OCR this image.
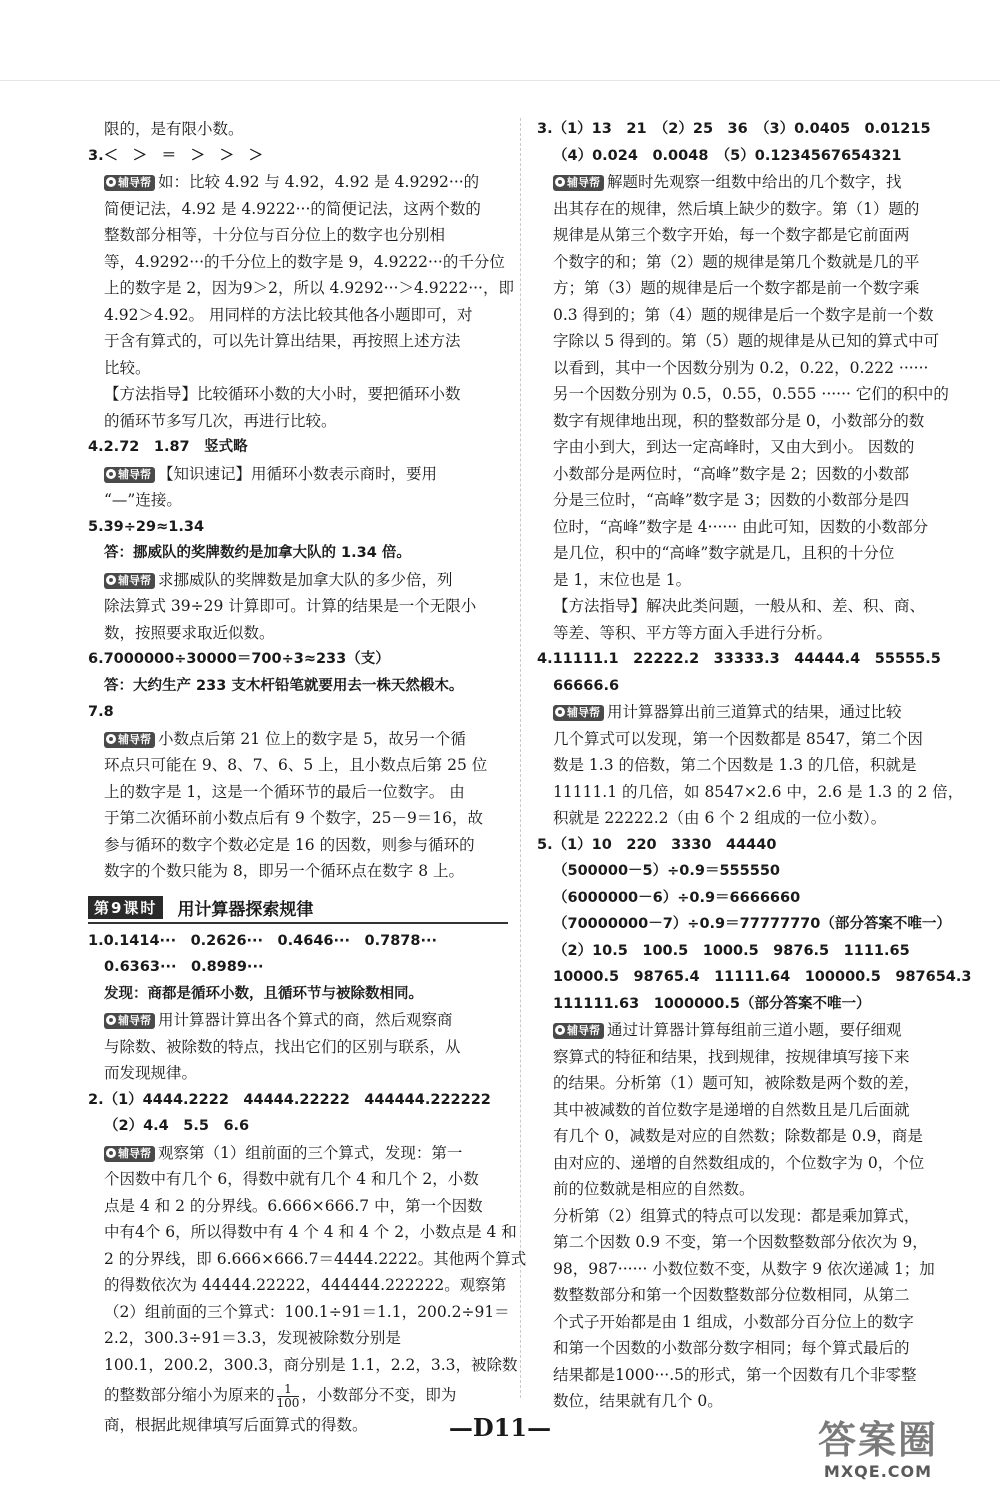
限的，是有限小数。
3.＜　＞　＝　＞　＞　＞
辅导帮 如：比较 4.92 与 4.92，4.92 是 4.9292···的
简便记法，4.92 是 4.9222···的简便记法，这两个数的
整数部分相等，十分位与百分位上的数字也分别相
等，4.9292···的千分位上的数字是 9，4.9222···的千分位
上的数字是 2，因为9＞2，所以 4.9292···＞4.9222···，即
4.92＞4.92。 用同样的方法比较其他各小题即可，对
于含有算式的，可以先计算出结果，再按照上述方法
比较。
【方法指导】比较循环小数的大小时，要把循环小数
的循环节多写几次，再进行比较。
4.2.72　1.87　竖式略
辅导帮 【知识速记】用循环小数表示商时，要用
“—”连接。
5.39÷29≈1.34
答：挪威队的奖牌数约是加拿大队的 1.34 倍。
辅导帮 求挪威队的奖牌数是加拿大队的多少倍，列
除法算式 39÷29 计算即可。计算的结果是一个无限小
数，按照要求取近似数。
6.7000000÷30000＝700÷3≈233（支）
答：大约生产 233 支木杆铅笔就要用去一株天然椴木。
7.8
辅导帮 小数点后第 21 位上的数字是 5，故另一个循
环点只可能在 9、8、7、6、5 上，且小数点后第 25 位
上的数字是 1，这是一个循环节的最后一位数字。 由
于第二次循环前小数点后有 9 个数字，25－9＝16，故
参与循环的数字个数必定是 16 的因数，则参与循环的
数字的个数只能为 8，即另一个循环点在数字 8 上。
第9课时	用计算器探索规律
1.0.1414···　0.2626···　0.4646···　0.7878···
0.6363···　0.8989···
发现：商都是循环小数，且循环节与被除数相同。
辅导帮 用计算器计算出各个算式的商，然后观察商
与除数、被除数的特点，找出它们的区别与联系，从
而发现规律。
2.（1）4444.2222　44444.22222　444444.222222
（2）4.4　5.5　6.6
辅导帮 观察第（1）组前面的三个算式，发现：第一
个因数中有几个 6，得数中就有几个 4 和几个 2，小数
点是 4 和 2 的分界线。6.666×666.7 中，第一个因数
中有4个 6，所以得数中有 4 个 4 和 4 个 2，小数点是 4 和
2 的分界线，即 6.666×666.7＝4444.2222。其他两个算式
的得数依次为 44444.22222，444444.222222。观察第
（2）组前面的三个算式：100.1÷91＝1.1，200.2÷91＝
2.2，300.3÷91＝3.3，发现被除数分别是
100.1，200.2，300.3，商分别是 1.1，2.2，3.3，被除数
的整数部分缩小为原来的 $\frac{1}{100}$ ，小数部分不变，即为
商，根据此规律填写后面算式的得数。
3.（1）13　21　（2）25　36　（3）0.0405　0.01215
（4）0.024　0.0048　（5）0.1234567654321
辅导帮 解题时先观察一组数中给出的几个数字，找
出其存在的规律，然后填上缺少的数字。第（1）题的
规律是从第三个数字开始，每一个数字都是它前面两
个数字的和；第（2）题的规律是第几个数就是几的平
方；第（3）题的规律是后一个数字都是前一个数字乘
0.3 得到的；第（4）题的规律是后一个数字是前一个数
字除以 5 得到的。第（5）题的规律是从已知的算式中可
以看到，其中一个因数分别为 0.2，0.22，0.222 ······
另一个因数分别为 0.5，0.55，0.555 ······ 它们的积中的
数字有规律地出现，积的整数部分是 0，小数部分的数
字由小到大，到达一定高峰时，又由大到小。 因数的
小数部分是两位时，“高峰”数字是 2；因数的小数部
分是三位时，“高峰”数字是 3；因数的小数部分是四
位时，“高峰”数字是 4······ 由此可知，因数的小数部分
是几位，积中的“高峰”数字就是几，且积的十分位
是 1，末位也是 1。
【方法指导】解决此类问题，一般从和、差、积、商、
等差、等积、平方等方面入手进行分析。
4.11111.1　22222.2　33333.3　44444.4　55555.5
66666.6
辅导帮 用计算器算出前三道算式的结果，通过比较
几个算式可以发现，第一个因数都是 8547，第二个因
数是 1.3 的倍数，第二个因数是 1.3 的几倍，积就是
11111.1 的几倍，如 8547×2.6 中，2.6 是 1.3 的 2 倍，
积就是 22222.2（由 6 个 2 组成的一位小数）。
5.（1）10　220　3330　44440
（500000－5）÷0.9＝555550
（6000000－6）÷0.9＝6666660
（70000000－7）÷0.9＝77777770（部分答案不唯一）
（2）10.5　100.5　1000.5　9876.5　1111.65
10000.5　98765.4　11111.64　100000.5　987654.3
111111.63　1000000.5（部分答案不唯一）
辅导帮 通过计算器计算每组前三道小题，要仔细观
察算式的特征和结果，找到规律，按规律填写接下来
的结果。分析第（1）题可知，被除数是两个数的差，
其中被减数的首位数字是递增的自然数且是几后面就
有几个 0，减数是对应的自然数；除数都是 0.9，商是
由对应的、递增的自然数组成的，个位数字为 0，个位
前的位数就是相应的自然数。
分析第（2）组算式的特点可以发现：都是乘加算式，
第二个因数 0.9 不变，第一个因数整数部分依次为 9，
98，987······ 小数位数不变，从数字 9 依次递减 1；加
数整数部分和第一个因数整数部分位数相同，从第二
个式子开始都是由 1 组成，小数部分百分位上的数字
和第一个因数的小数部分数字相同；每个算式最后的
结果都是1000···.5的形式，第一个因数有几个非零整
数位，结果就有几个 0。
—D11—	答案圈
MXQE.COM
